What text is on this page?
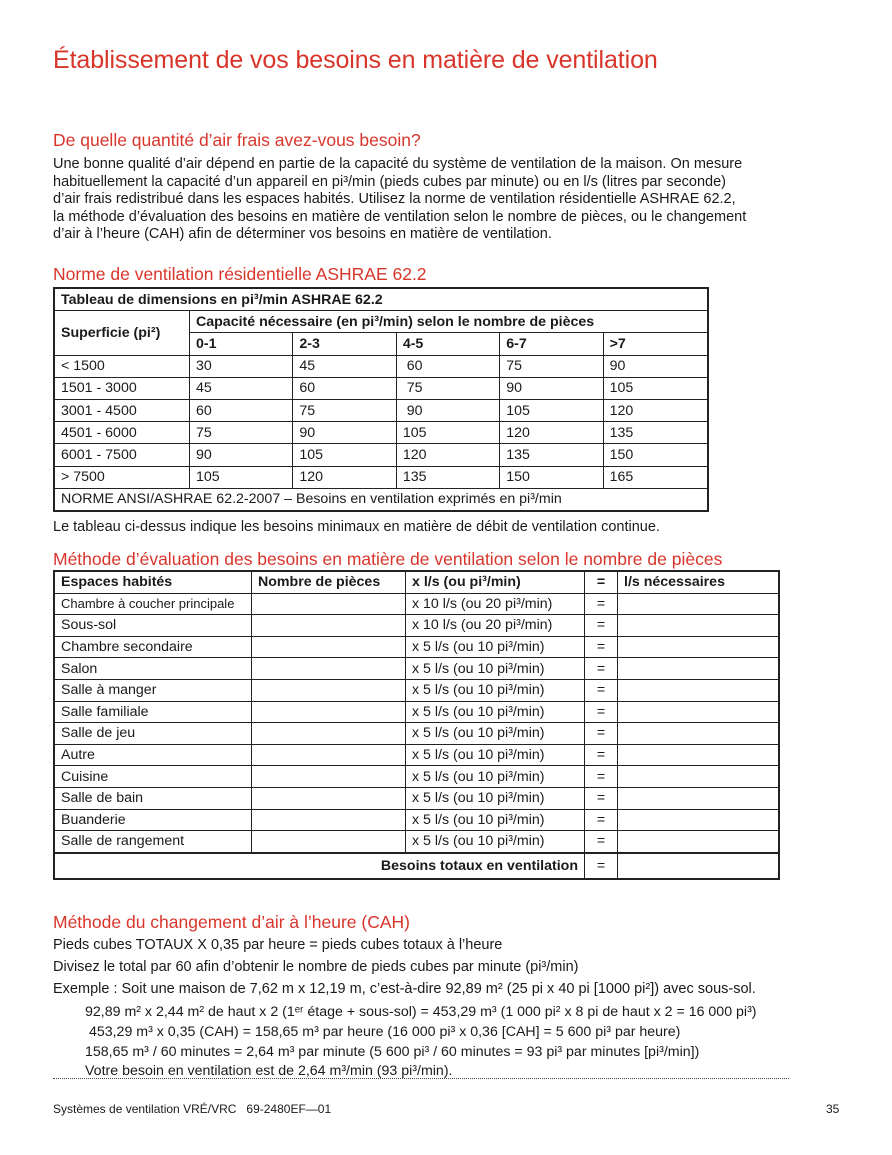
Établissement de vos besoins en matière de ventilation
De quelle quantité d’air frais avez-vous besoin?
Une bonne qualité d’air dépend en partie de la capacité du système de ventilation de la maison. On mesure
habituellement la capacité d’un appareil en pi³/min (pieds cubes par minute) ou en l/s (litres par seconde)
d’air frais redistribué dans les espaces habités. Utilisez la norme de ventilation résidentielle ASHRAE 62.2,
la méthode d’évaluation des besoins en matière de ventilation selon le nombre de pièces, ou le changement
d’air à l’heure (CAH) afin de déterminer vos besoins en matière de ventilation.
Norme de ventilation résidentielle ASHRAE 62.2
Tableau de dimensions en pi³/min ASHRAE 62.2					
Superficie (pi²)	Capacité nécessaire (en pi³/min) selon le nombre de pièces				
	0-1	2-3	4-5	6-7	>7
< 1500	30	45	60	75	90
1501 - 3000	45	60	75	90	105
3001 - 4500	60	75	90	105	120
4501 - 6000	75	90	105	120	135
6001 - 7500	90	105	120	135	150
> 7500	105	120	135	150	165
NORME ANSI/ASHRAE 62.2-2007 – Besoins en ventilation exprimés en pi³/min					
Le tableau ci-dessus indique les besoins minimaux en matière de débit de ventilation continue.
Méthode d’évaluation des besoins en matière de ventilation selon le nombre de pièces
Espaces habités	Nombre de pièces	x l/s (ou pi³/min)	=	l/s nécessaires
Chambre à coucher principale		x 10 l/s (ou 20 pi³/min)	=	
Sous-sol		x 10 l/s (ou 20 pi³/min)	=	
Chambre secondaire		x 5 l/s (ou 10 pi³/min)	=	
Salon		x 5 l/s (ou 10 pi³/min)	=	
Salle à manger		x 5 l/s (ou 10 pi³/min)	=	
Salle familiale		x 5 l/s (ou 10 pi³/min)	=	
Salle de jeu		x 5 l/s (ou 10 pi³/min)	=	
Autre		x 5 l/s (ou 10 pi³/min)	=	
Cuisine		x 5 l/s (ou 10 pi³/min)	=	
Salle de bain		x 5 l/s (ou 10 pi³/min)	=	
Buanderie		x 5 l/s (ou 10 pi³/min)	=	
Salle de rangement		x 5 l/s (ou 10 pi³/min)	=	
Besoins totaux en ventilation			=	
Méthode du changement d’air à l’heure (CAH)
Pieds cubes TOTAUX X 0,35 par heure = pieds cubes totaux à l’heure
Divisez le total par 60 afin d’obtenir le nombre de pieds cubes par minute (pi³/min)
Exemple : Soit une maison de 7,62 m x 12,19 m, c’est-à-dire 92,89 m² (25 pi x 40 pi [1000 pi²]) avec sous-sol.
92,89 m² x 2,44 m² de haut x 2 (1ᵉʳ étage + sous-sol) = 453,29 m³ (1 000 pi² x 8 pi de haut x 2 = 16 000 pi³)
453,29 m³ x 0,35 (CAH) = 158,65 m³ par heure (16 000 pi³ x 0,36 [CAH] = 5 600 pi³ par heure)
158,65 m³ / 60 minutes = 2,64 m³ par minute (5 600 pi³ / 60 minutes = 93 pi³ par minutes [pi³/min])
Votre besoin en ventilation est de 2,64 m³/min (93 pi³/min).
Systèmes de ventilation VRÉ/VRC   69-2480EF—01	35
